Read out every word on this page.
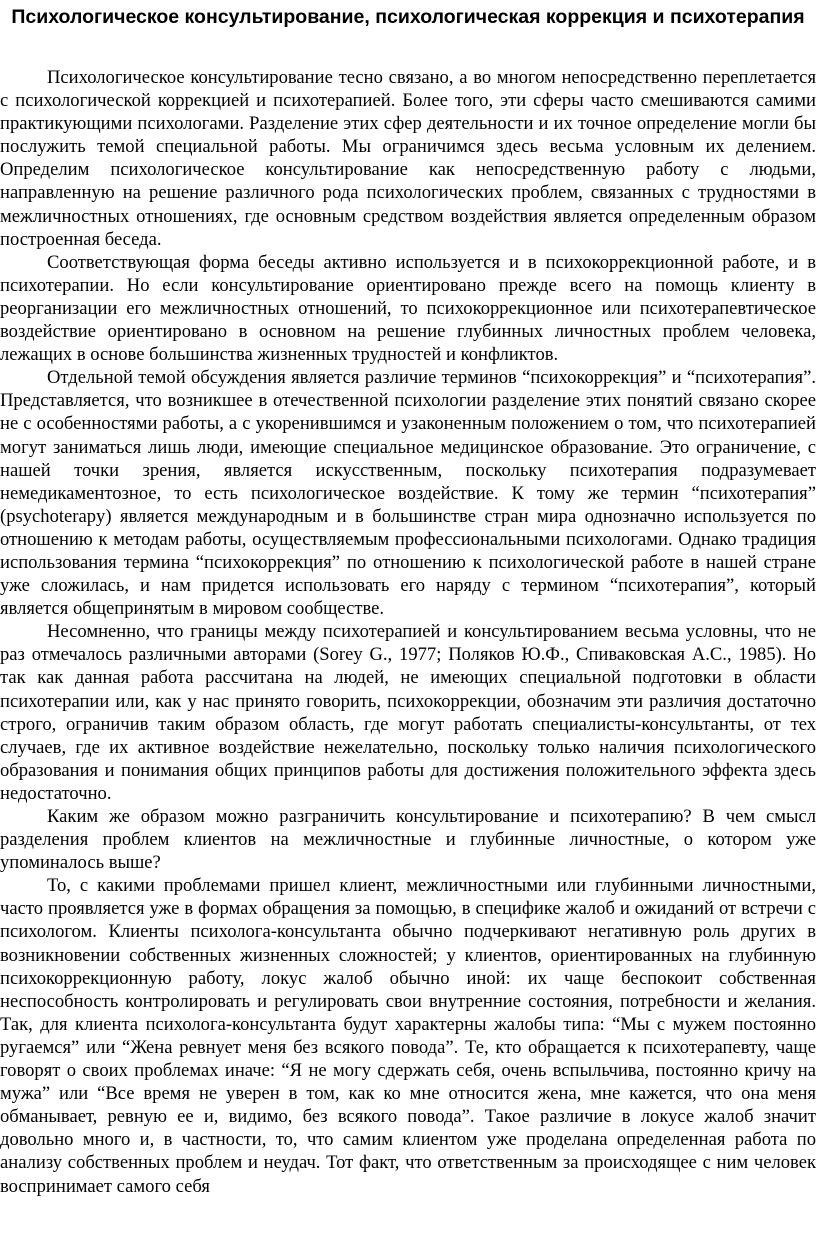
Психологическое консультирование, психологическая коррекция и психотерапия

Психологическое консультирование тесно связано, а во многом непосредственно переплетается с психологической коррекцией и психотерапией. Более того, эти сферы часто смешиваются самими практикующими психологами. Разделение этих сфер деятельности и их точное определение могли бы послужить темой специальной работы. Мы ограничимся здесь весьма условным их делением. Определим психологическое консультирование как непосредственную работу с людьми, направленную на решение различного рода психологических проблем, связанных с трудностями в межличностных отношениях, где основным средством воздействия является определенным образом построенная беседа.

Соответствующая форма беседы активно используется и в психокоррекционной работе, и в психотерапии. Но если консультирование ориентировано прежде всего на помощь клиенту в реорганизации его межличностных отношений, то психокоррекционное или психотерапевтическое воздействие ориентировано в основном на решение глубинных личностных проблем человека, лежащих в основе большинства жизненных трудностей и конфликтов.

Отдельной темой обсуждения является различие терминов “психокоррекция” и “психотерапия”. Представляется, что возникшее в отечественной психологии разделение этих понятий связано скорее не с особенностями работы, а с укоренившимся и узаконенным положением о том, что психотерапией могут заниматься лишь люди, имеющие специальное медицинское образование. Это ограничение, с нашей точки зрения, является искусственным, поскольку психотерапия подразумевает немедикаментозное, то есть психологическое воздействие. К тому же термин “психотерапия” (psychoterapy) является международным и в большинстве стран мира однозначно используется по отношению к методам работы, осуществляемым профессиональными психологами. Однако традиция использования термина “психокоррекция” по отношению к психологической работе в нашей стране уже сложилась, и нам придется использовать его наряду с термином “психотерапия”, который является общепринятым в мировом сообществе.

Несомненно, что границы между психотерапией и консультированием весьма условны, что не раз отмечалось различными авторами (Sorey G., 1977; Поляков Ю.Ф., Спиваковская А.С., 1985). Но так как данная работа рассчитана на людей, не имеющих специальной подготовки в области психотерапии или, как у нас принято говорить, психокоррекции, обозначим эти различия достаточно строго, ограничив таким образом область, где могут работать специалисты-консультанты, от тех случаев, где их активное воздействие нежелательно, поскольку только наличия психологического образования и понимания общих принципов работы для достижения положительного эффекта здесь недостаточно.

Каким же образом можно разграничить консультирование и психотерапию? В чем смысл разделения проблем клиентов на межличностные и глубинные личностные, о котором уже упоминалось выше?

То, с какими проблемами пришел клиент, межличностными или глубинными личностными, часто проявляется уже в формах обращения за помощью, в специфике жалоб и ожиданий от встречи с психологом. Клиенты психолога-консультанта обычно подчеркивают негативную роль других в возникновении собственных жизненных сложностей; у клиентов, ориентированных на глубинную психокоррекционную работу, локус жалоб обычно иной: их чаще беспокоит собственная неспособность контролировать и регулировать свои внутренние состояния, потребности и желания. Так, для клиента психолога-консультанта будут характерны жалобы типа: “Мы с мужем постоянно ругаемся” или “Жена ревнует меня без всякого повода”. Те, кто обращается к психотерапевту, чаще говорят о своих проблемах иначе: “Я не могу сдержать себя, очень вспыльчива, постоянно кричу на мужа” или “Все время не уверен в том, как ко мне относится жена, мне кажется, что она меня обманывает, ревную ее и, видимо, без всякого повода”. Такое различие в локусе жалоб значит довольно много и, в частности, то, что самим клиентом уже проделана определенная работа по анализу собственных проблем и неудач. Тот факт, что ответственным за происходящее с ним человек воспринимает самого себя
